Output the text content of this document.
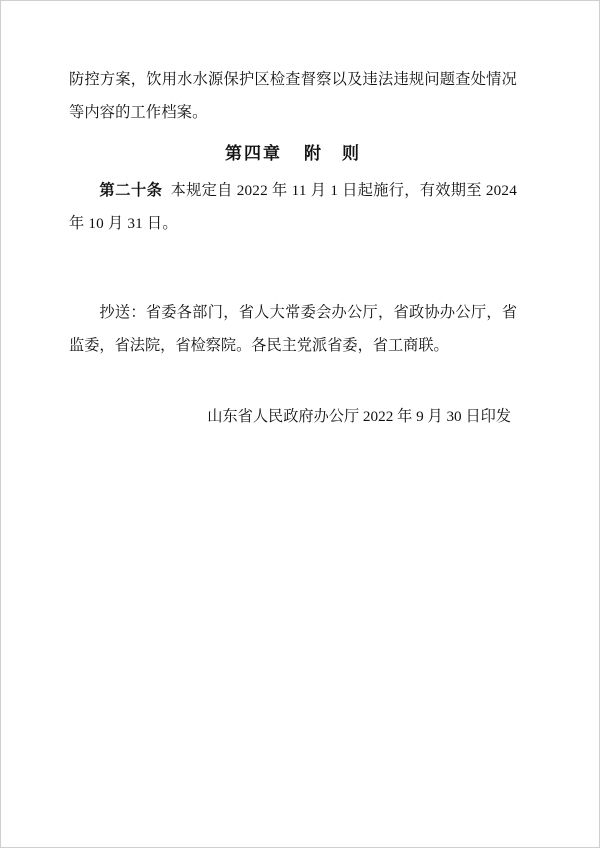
防控方案，饮用水水源保护区检查督察以及违法违规问题查处情况等内容的工作档案。
第四章 附　则
第二十条 本规定自 2022 年 11 月 1 日起施行，有效期至 2024 年 10 月 31 日。
抄送：省委各部门，省人大常委会办公厅，省政协办公厅，省监委，省法院，省检察院。各民主党派省委，省工商联。
山东省人民政府办公厅 2022 年 9 月 30 日印发
